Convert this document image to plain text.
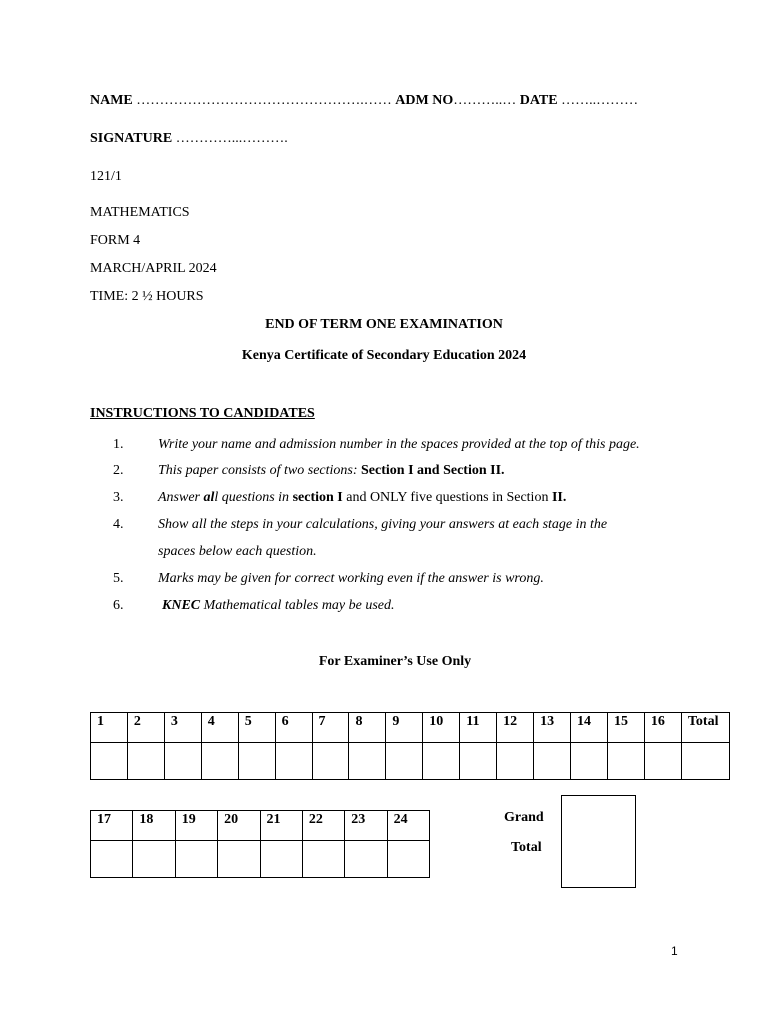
NAME ………………………………………….…… ADM NO………..… DATE ……..………
SIGNATURE …………...……….
121/1
MATHEMATICS
FORM 4
MARCH/APRIL 2024
TIME: 2 ½ HOURS
END OF TERM ONE EXAMINATION
Kenya Certificate of Secondary Education 2024
INSTRUCTIONS TO CANDIDATES
1. Write your name and admission number in the spaces provided at the top of this page.
2. This paper consists of two sections: Section I and Section II.
3. Answer all questions in section I and ONLY five questions in Section II.
4. Show all the steps in your calculations, giving your answers at each stage in the
spaces below each question.
5. Marks may be given for correct working even if the answer is wrong.
6.	KNEC Mathematical tables may be used.
For Examiner’s Use Only
1	2	3	4	5	6	7	8	9	10	11	12	13	14	15	16	Total

17	18	19	20	21	22	23	24
								Grand
Total
1
